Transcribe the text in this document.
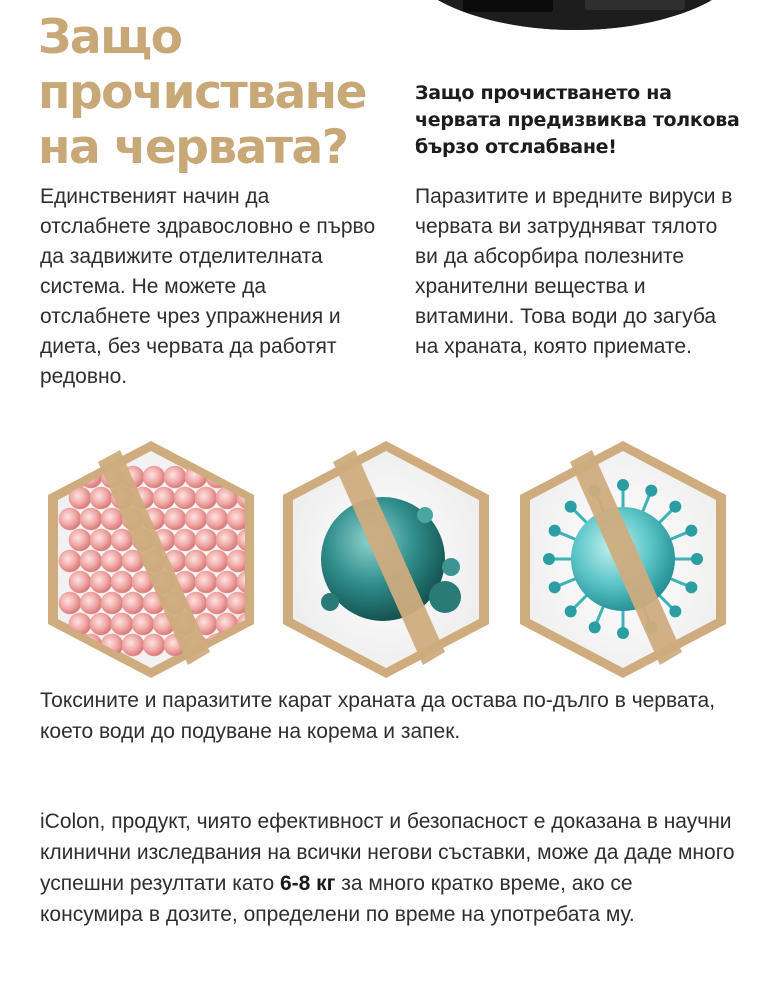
Защо
прочистване
на червата?

Защо прочистването на червата предизвиква толкова бързо отслабване!

Единственият начин да отслабнете здравословно е първо да задвижите отделителната система. Не можете да отслабнете чрез упражнения и диета, без червата да работят редовно.

Паразитите и вредните вируси в червата ви затрудняват тялото ви да абсорбира полезните хранителни вещества и витамини. Това води до загуба на храната, която приемате.

Токсините и паразитите карат храната да остава по-дълго в червата, което води до подуване на корема и запек.

iColon, продукт, чиято ефективност и безопасност е доказана в научни клинични изследвания на всички негови съставки, може да даде много успешни резултати като 6-8 кг за много кратко време, ако се консумира в дозите, определени по време на употребата му.
